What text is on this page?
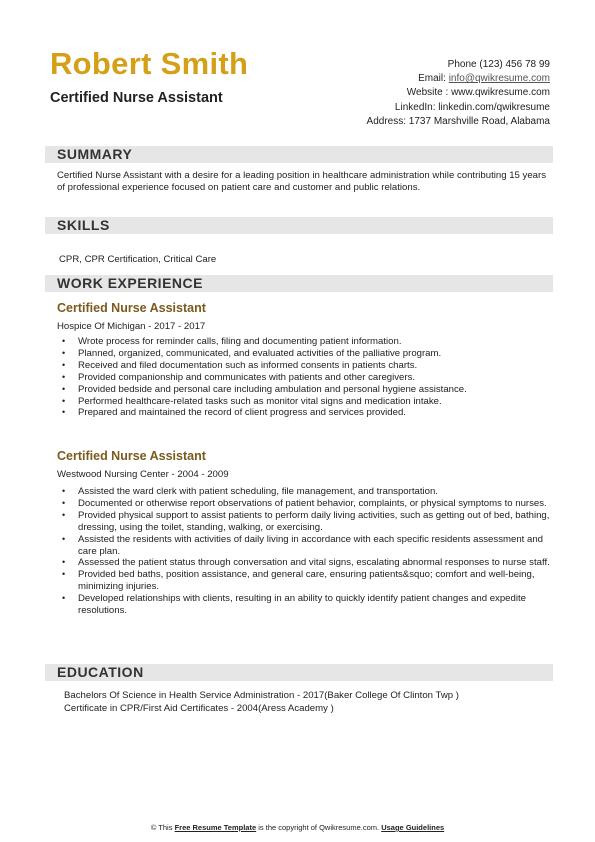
Robert Smith
Certified Nurse Assistant
Phone (123) 456 78 99
Email: info@qwikresume.com
Website : www.qwikresume.com
LinkedIn: linkedin.com/qwikresume
Address: 1737 Marshville Road, Alabama
SUMMARY
Certified Nurse Assistant with a desire for a leading position in healthcare administration while contributing 15 years of professional experience focused on patient care and customer and public relations.
SKILLS
CPR, CPR Certification, Critical Care
WORK EXPERIENCE
Certified Nurse Assistant
Hospice Of Michigan - 2017 - 2017
• Wrote process for reminder calls, filing and documenting patient information.
• Planned, organized, communicated, and evaluated activities of the palliative program.
• Received and filed documentation such as informed consents in patients charts.
• Provided companionship and communicates with patients and other caregivers.
• Provided bedside and personal care including ambulation and personal hygiene assistance.
• Performed healthcare-related tasks such as monitor vital signs and medication intake.
• Prepared and maintained the record of client progress and services provided.
Certified Nurse Assistant
Westwood Nursing Center - 2004 - 2009
• Assisted the ward clerk with patient scheduling, file management, and transportation.
• Documented or otherwise report observations of patient behavior, complaints, or physical symptoms to nurses.
• Provided physical support to assist patients to perform daily living activities, such as getting out of bed, bathing, dressing, using the toilet, standing, walking, or exercising.
• Assisted the residents with activities of daily living in accordance with each specific residents assessment and care plan.
• Assessed the patient status through conversation and vital signs, escalating abnormal responses to nurse staff.
• Provided bed baths, position assistance, and general care, ensuring patients&squo; comfort and well-being, minimizing injuries.
• Developed relationships with clients, resulting in an ability to quickly identify patient changes and expedite resolutions.
EDUCATION
Bachelors Of Science in Health Service Administration - 2017(Baker College Of Clinton Twp )
Certificate in CPR/First Aid Certificates - 2004(Aress Academy )
© This Free Resume Template is the copyright of Qwikresume.com. Usage Guidelines
